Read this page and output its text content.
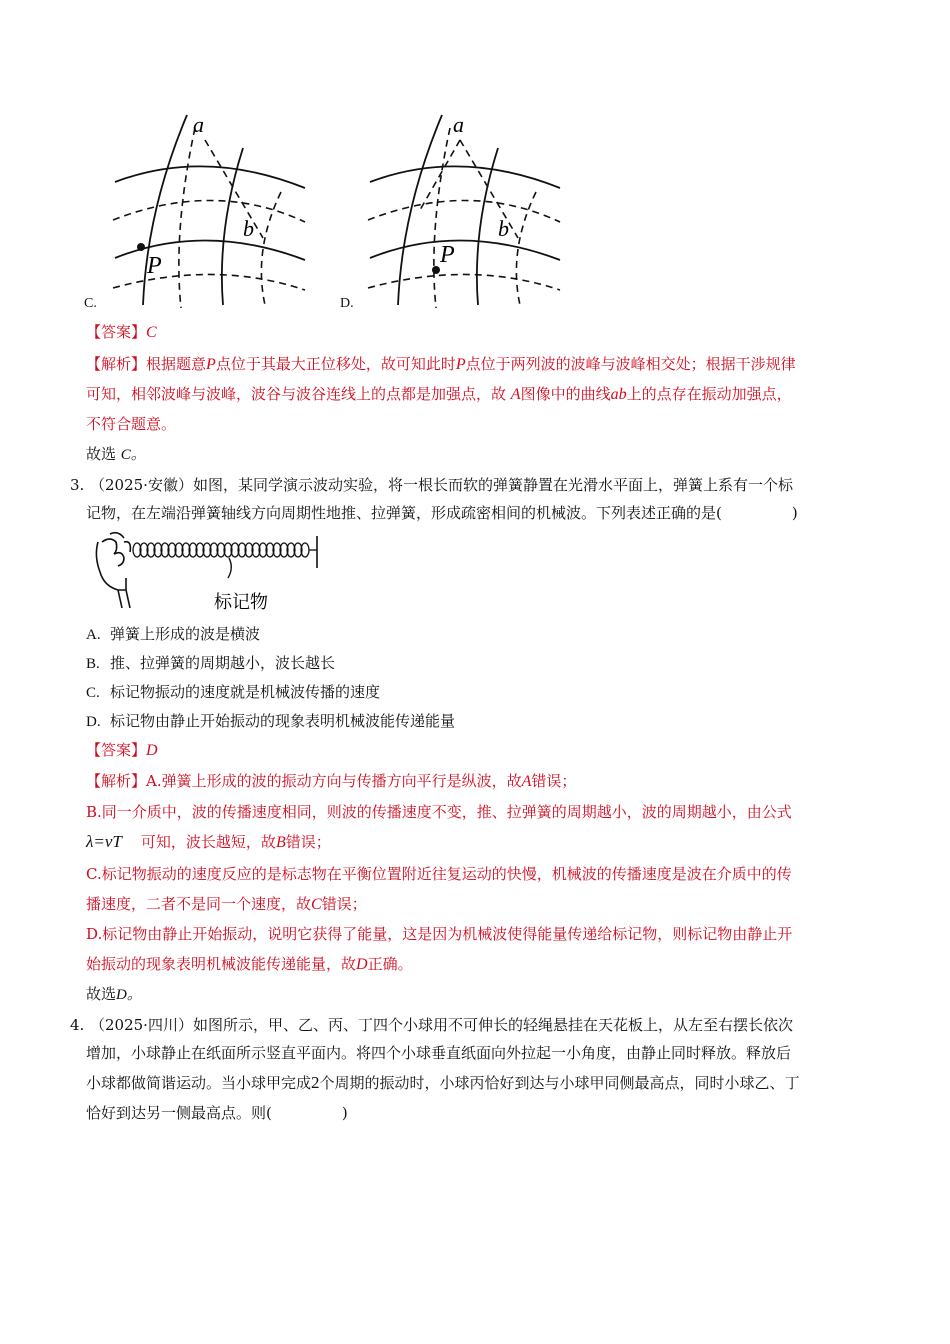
a
b
P
C.
a
b
P
D.
【答案】C
【解析】根据题意P点位于其最大正位移处，故可知此时P点位于两列波的波峰与波峰相交处；根据干涉规律
可知，相邻波峰与波峰，波谷与波谷连线上的点都是加强点，故 A图像中的曲线ab上的点存在振动加强点，
不符合题意。
故选 C。
3. （2025·安徽）如图，某同学演示波动实验，将一根长而软的弹簧静置在光滑水平面上，弹簧上系有一个标
记物，在左端沿弹簧轴线方向周期性地推、拉弹簧，形成疏密相间的机械波。下列表述正确的是(	)
标记物
A. 弹簧上形成的波是横波
B. 推、拉弹簧的周期越小，波长越长
C. 标记物振动的速度就是机械波传播的速度
D. 标记物由静止开始振动的现象表明机械波能传递能量
【答案】D
【解析】A.弹簧上形成的波的振动方向与传播方向平行是纵波，故A错误；
B.同一介质中，波的传播速度相同，则波的传播速度不变，推、拉弹簧的周期越小，波的周期越小，由公式
λ=vT 可知，波长越短，故B错误；
C.标记物振动的速度反应的是标志物在平衡位置附近往复运动的快慢，机械波的传播速度是波在介质中的传
播速度，二者不是同一个速度，故C错误；
D.标记物由静止开始振动，说明它获得了能量，这是因为机械波使得能量传递给标记物，则标记物由静止开
始振动的现象表明机械波能传递能量，故D正确。
故选D。
4. （2025·四川）如图所示，甲、乙、丙、丁四个小球用不可伸长的轻绳悬挂在天花板上，从左至右摆长依次
增加，小球静止在纸面所示竖直平面内。将四个小球垂直纸面向外拉起一小角度，由静止同时释放。释放后
小球都做简谐运动。当小球甲完成2个周期的振动时，小球丙恰好到达与小球甲同侧最高点，同时小球乙、丁
恰好到达另一侧最高点。则(	)
